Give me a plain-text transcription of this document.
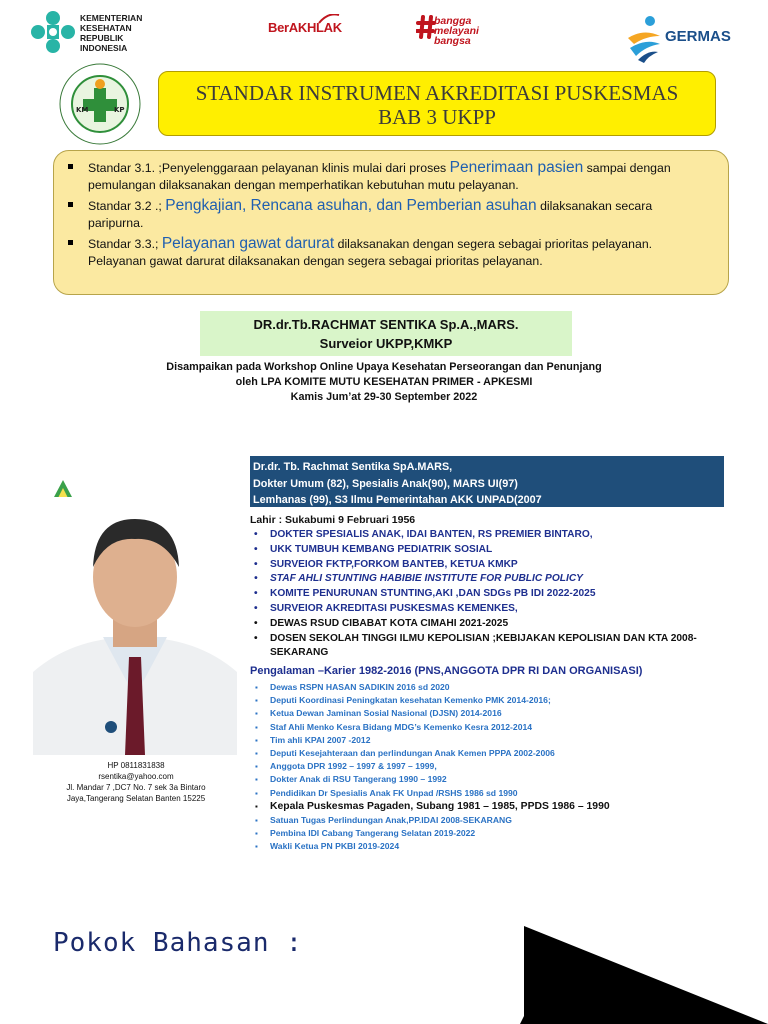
KEMENTERIAN
KESEHATAN
REPUBLIK
INDONESIA
BerAKHLAK	bangga
melayani
bangsa	GERMAS
KM	KP
STANDAR INSTRUMEN AKREDITASI PUSKESMAS
BAB 3 UKPP
Standar 3.1. ;Penyelenggaraan pelayanan klinis mulai dari proses Penerimaan pasien sampai dengan pemulangan dilaksanakan dengan memperhatikan kebutuhan mutu pelayanan.
Standar 3.2 .; Pengkajian, Rencana asuhan, dan Pemberian asuhan dilaksanakan secara paripurna.
Standar 3.3.; Pelayanan gawat darurat dilaksanakan dengan segera sebagai prioritas pelayanan. Pelayanan gawat darurat dilaksanakan dengan segera sebagai prioritas pelayanan.
DR.dr.Tb.RACHMAT SENTIKA Sp.A.,MARS.
Surveior UKPP,KMKP
Disampaikan pada Workshop Online Upaya Kesehatan Perseorangan dan Penunjang
oleh LPA KOMITE MUTU KESEHATAN PRIMER - APKESMI
Kamis Jum’at 29-30 September 2022
HP 0811831838
rsentika@yahoo.com
Jl. Mandar 7 ,DC7 No. 7 sek 3a Bintaro
Jaya,Tangerang Selatan Banten 15225
Dr.dr. Tb. Rachmat Sentika SpA.MARS,
Dokter Umum (82), Spesialis Anak(90), MARS UI(97)
Lemhanas (99), S3 Ilmu Pemerintahan AKK UNPAD(2007
Lahir : Sukabumi 9 Februari 1956
• DOKTER SPESIALIS ANAK, IDAI BANTEN, RS PREMIER BINTARO,
• UKK TUMBUH KEMBANG PEDIATRIK SOSIAL
• SURVEIOR FKTP,FORKOM BANTEB, KETUA KMKP
• STAF AHLI STUNTING HABIBIE INSTITUTE FOR PUBLIC POLICY
• KOMITE PENURUNAN STUNTING,AKI ,DAN SDGs PB IDI 2022-2025
• SURVEIOR AKREDITASI PUSKESMAS KEMENKES,
• DEWAS RSUD CIBABAT KOTA CIMAHI 2021-2025
• DOSEN SEKOLAH TINGGI ILMU KEPOLISIAN ;KEBIJAKAN KEPOLISIAN DAN KTA 2008-SEKARANG
Pengalaman –Karier 1982-2016 (PNS,ANGGOTA DPR RI DAN ORGANISASI)
▪ Dewas RSPN HASAN SADIKIN 2016 sd 2020
▪ Deputi Koordinasi Peningkatan kesehatan Kemenko PMK 2014-2016;
▪ Ketua Dewan Jaminan Sosial Nasional (DJSN) 2014-2016
▪ Staf Ahli Menko Kesra Bidang MDG’s Kemenko Kesra 2012-2014
▪ Tim ahli KPAI 2007 -2012
▪ Deputi Kesejahteraan dan perlindungan Anak Kemen PPPA 2002-2006
▪ Anggota DPR 1992 – 1997 & 1997 – 1999,
▪ Dokter Anak di RSU Tangerang 1990 – 1992
▪ Pendidikan Dr Spesialis Anak FK Unpad /RSHS 1986 sd 1990
▪ Kepala Puskesmas Pagaden, Subang 1981 – 1985, PPDS 1986 – 1990
▪ Satuan Tugas Perlindungan Anak,PP.IDAI 2008-SEKARANG
▪ Pembina IDI Cabang Tangerang Selatan 2019-2022
▪ Wakli Ketua PN PKBI 2019-2024
Pokok Bahasan :
